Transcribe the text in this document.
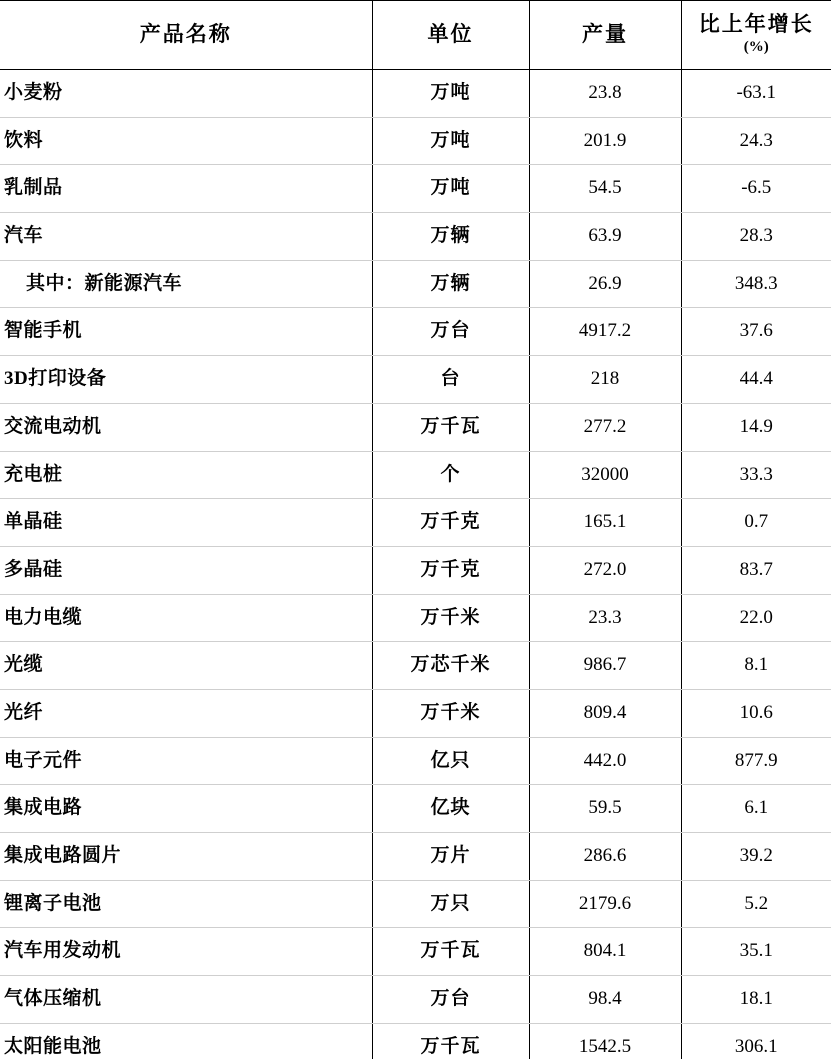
产品名称	单位	产量	比上年增长
(%)

小麦粉	万吨	23.8	-63.1
饮料	万吨	201.9	24.3
乳制品	万吨	54.5	-6.5
汽车	万辆	63.9	28.3
其中：新能源汽车	万辆	26.9	348.3
智能手机	万台	4917.2	37.6
3D打印设备	台	218	44.4
交流电动机	万千瓦	277.2	14.9
充电桩	个	32000	33.3
单晶硅	万千克	165.1	0.7
多晶硅	万千克	272.0	83.7
电力电缆	万千米	23.3	22.0
光缆	万芯千米	986.7	8.1
光纤	万千米	809.4	10.6
电子元件	亿只	442.0	877.9
集成电路	亿块	59.5	6.1
集成电路圆片	万片	286.6	39.2
锂离子电池	万只	2179.6	5.2
汽车用发动机	万千瓦	804.1	35.1
气体压缩机	万台	98.4	18.1
太阳能电池	万千瓦	1542.5	306.1
